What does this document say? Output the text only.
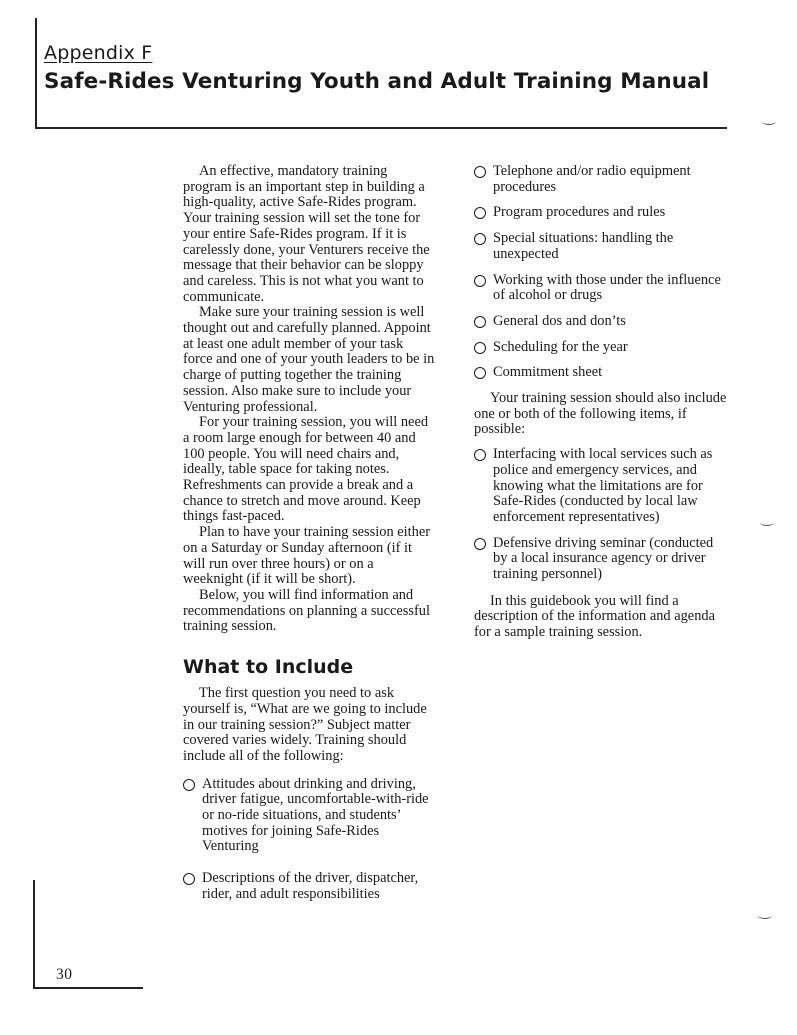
Appendix F
Safe-Rides Venturing Youth and Adult Training Manual

An effective, mandatory training program is an important step in building a high-quality, active Safe-Rides program. Your training session will set the tone for your entire Safe-Rides program. If it is carelessly done, your Venturers receive the message that their behavior can be sloppy and careless. This is not what you want to communicate.

Make sure your training session is well thought out and carefully planned. Appoint at least one adult member of your task force and one of your youth leaders to be in charge of putting together the training session. Also make sure to include your Venturing professional.

For your training session, you will need a room large enough for between 40 and 100 people. You will need chairs and, ideally, table space for taking notes. Refreshments can provide a break and a chance to stretch and move around. Keep things fast-paced.

Plan to have your training session either on a Saturday or Sunday afternoon (if it will run over three hours) or on a weeknight (if it will be short).

Below, you will find information and recommendations on planning a successful training session.

What to Include

The first question you need to ask yourself is, “What are we going to include in our training session?” Subject matter covered varies widely. Training should include all of the following:

Attitudes about drinking and driving, driver fatigue, uncomfortable-with-ride or no-ride situations, and students’ motives for joining Safe-Rides Venturing
Descriptions of the driver, dispatcher, rider, and adult responsibilities
Telephone and/or radio equipment procedures
Program procedures and rules
Special situations: handling the unexpected
Working with those under the influence of alcohol or drugs
General dos and don’ts
Scheduling for the year
Commitment sheet

Your training session should also include one or both of the following items, if possible:

Interfacing with local services such as police and emergency services, and knowing what the limitations are for Safe-Rides (conducted by local law enforcement representatives)
Defensive driving seminar (conducted by a local insurance agency or driver training personnel)

In this guidebook you will find a description of the information and agenda for a sample training session.

30
